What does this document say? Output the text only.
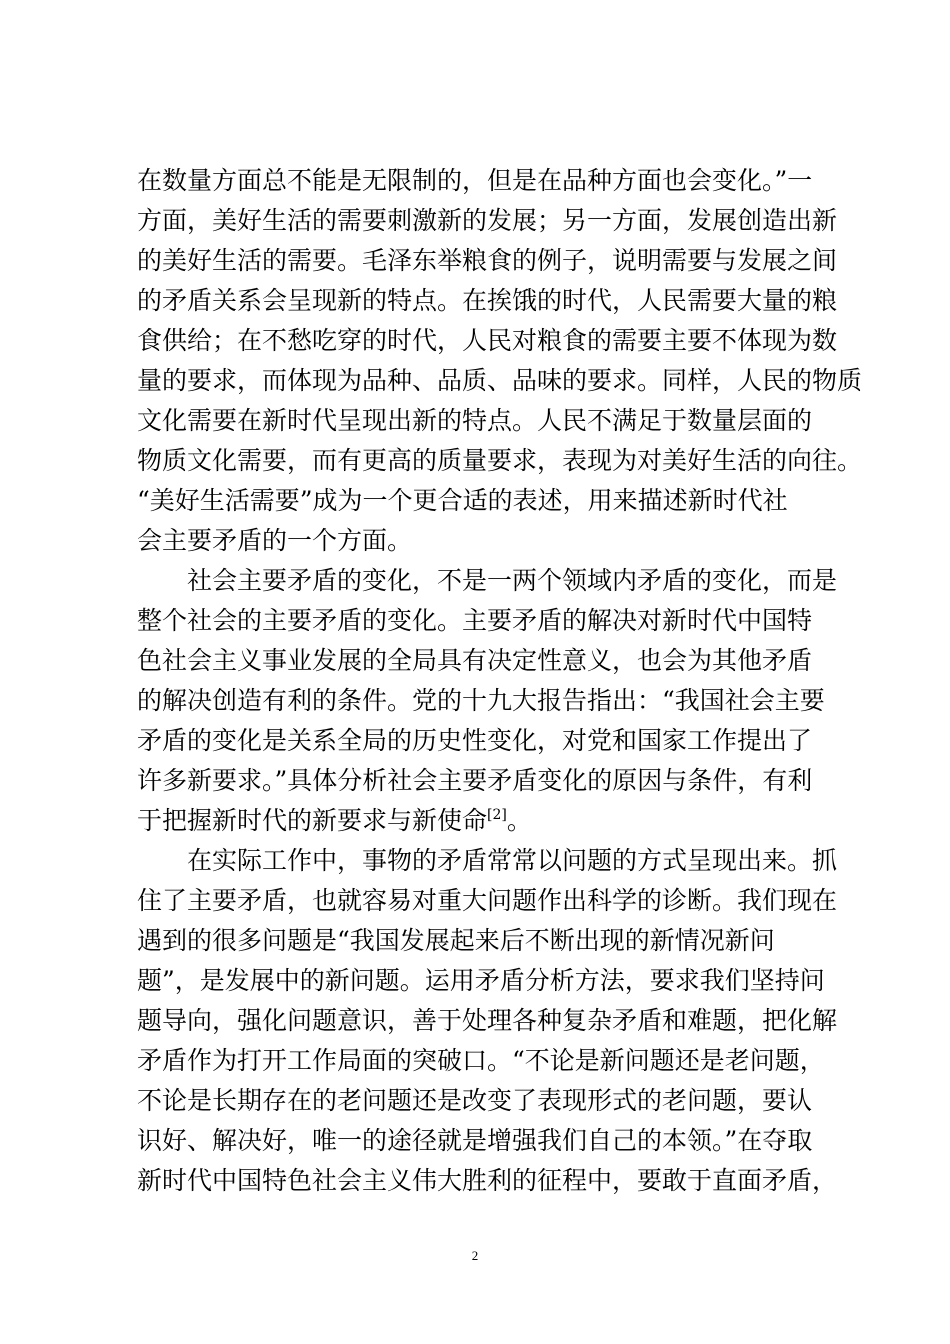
在数量方面总不能是无限制的，但是在品种方面也会变化。”一
方面，美好生活的需要刺激新的发展；另一方面，发展创造出新
的美好生活的需要。毛泽东举粮食的例子，说明需要与发展之间
的矛盾关系会呈现新的特点。在挨饿的时代，人民需要大量的粮
食供给；在不愁吃穿的时代，人民对粮食的需要主要不体现为数
量的要求，而体现为品种、品质、品味的要求。同样，人民的物质
文化需要在新时代呈现出新的特点。人民不满足于数量层面的
物质文化需要，而有更高的质量要求，表现为对美好生活的向往。
“美好生活需要”成为一个更合适的表述，用来描述新时代社
会主要矛盾的一个方面。
　　社会主要矛盾的变化，不是一两个领域内矛盾的变化，而是
整个社会的主要矛盾的变化。主要矛盾的解决对新时代中国特
色社会主义事业发展的全局具有决定性意义，也会为其他矛盾
的解决创造有利的条件。党的十九大报告指出：“我国社会主要
矛盾的变化是关系全局的历史性变化，对党和国家工作提出了
许多新要求。”具体分析社会主要矛盾变化的原因与条件，有利
于把握新时代的新要求与新使命[2]。
　　在实际工作中，事物的矛盾常常以问题的方式呈现出来。抓
住了主要矛盾，也就容易对重大问题作出科学的诊断。我们现在
遇到的很多问题是“我国发展起来后不断出现的新情况新问
题”，是发展中的新问题。运用矛盾分析方法，要求我们坚持问
题导向，强化问题意识，善于处理各种复杂矛盾和难题，把化解
矛盾作为打开工作局面的突破口。“不论是新问题还是老问题，
不论是长期存在的老问题还是改变了表现形式的老问题，要认
识好、解决好，唯一的途径就是增强我们自己的本领。”在夺取
新时代中国特色社会主义伟大胜利的征程中，要敢于直面矛盾，
2
